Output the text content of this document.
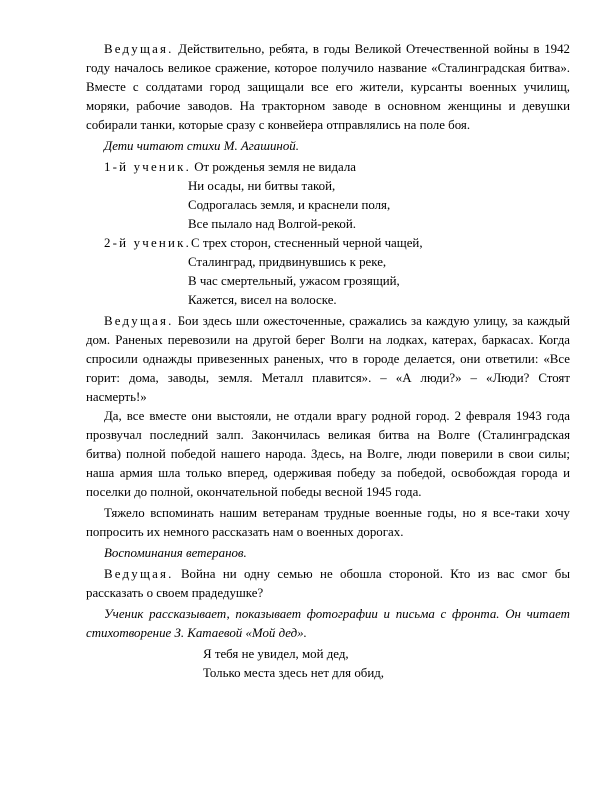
Ведущая. Действительно, ребята, в годы Великой Отечественной войны в 1942 году началось великое сражение, которое получило название «Сталинградская битва». Вместе с солдатами город защищали все его жители, курсанты военных училищ, моряки, рабочие заводов. На тракторном заводе в основном женщины и девушки собирали танки, которые сразу с конвейера отправлялись на поле боя.

Дети читают стихи М. Агашиной.

1-й ученик. От рожденья земля не видала

Ни осады, ни битвы такой,

Содрогалась земля, и краснели поля,

Все пылало над Волгой-рекой.

2-й ученик.С трех сторон, стесненный черной чащей,

Сталинград, придвинувшись к реке,

В час смертельный, ужасом грозящий,

Кажется, висел на волоске.

Ведущая. Бои здесь шли ожесточенные, сражались за каждую улицу, за каждый дом. Раненых перевозили на другой берег Волги на лодках, катерах, баркасах. Когда спросили однажды привезенных раненых, что в городе делается, они ответили: «Все горит: дома, заводы, земля. Металл плавится». – «А люди?» – «Люди? Стоят насмерть!»

Да, все вместе они выстояли, не отдали врагу родной город. 2 февраля 1943 года прозвучал последний залп. Закончилась великая битва на Волге (Сталинградская битва) полной победой нашего народа. Здесь, на Волге, люди поверили в свои силы; наша армия шла только вперед, одерживая победу за победой, освобождая города и поселки до полной, окончательной победы весной 1945 года.

Тяжело вспоминать нашим ветеранам трудные военные годы, но я все-таки хочу попросить их немного рассказать нам о военных дорогах.

Воспоминания ветеранов.

Ведущая. Война ни одну семью не обошла стороной. Кто из вас смог бы рассказать о своем прадедушке?

Ученик рассказывает, показывает фотографии и письма с фронта. Он читает стихотворение З. Катаевой «Мой дед».

Я тебя не увидел, мой дед,

Только места здесь нет для обид,
